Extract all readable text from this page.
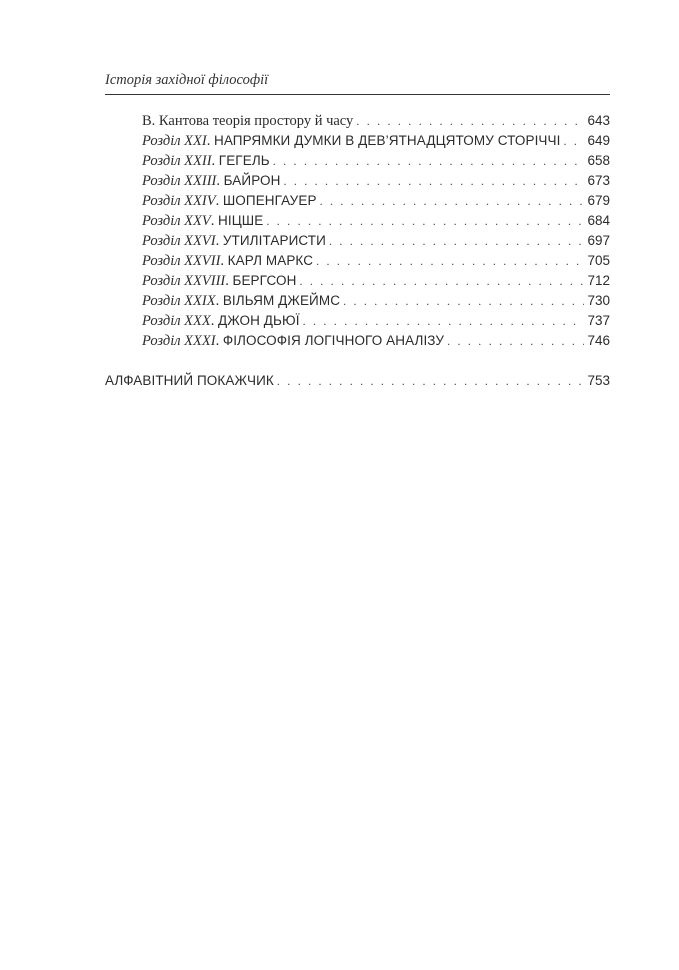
Історія західної філософії
В. Кантова теорія простору й часу . . .	643
Розділ XXI. НАПРЯМКИ ДУМКИ В ДЕВ’ЯТНАДЦЯТОМУ СТОРІЧЧІ . . . 649
Розділ XXII. ГЕГЕЛЬ . . .	658
Розділ XXIII. БАЙРОН . . .	673
Розділ XXIV. ШОПЕНГАУЕР . . .	679
Розділ XXV. НІЦШЕ . . .	684
Розділ XXVI. УТИЛІТАРИСТИ . . .	697
Розділ XXVII. КАРЛ МАРКС . . .	705
Розділ XXVIII. БЕРГСОН . . .	712
Розділ XXIX. ВІЛЬЯМ ДЖЕЙМС . . .	730
Розділ XXX. ДЖОН ДЬЮЇ . . .	737
Розділ XXXI. ФІЛОСОФІЯ ЛОГІЧНОГО АНАЛІЗУ . . .	746
АЛФАВІТНИЙ ПОКАЖЧИК . . .	753
